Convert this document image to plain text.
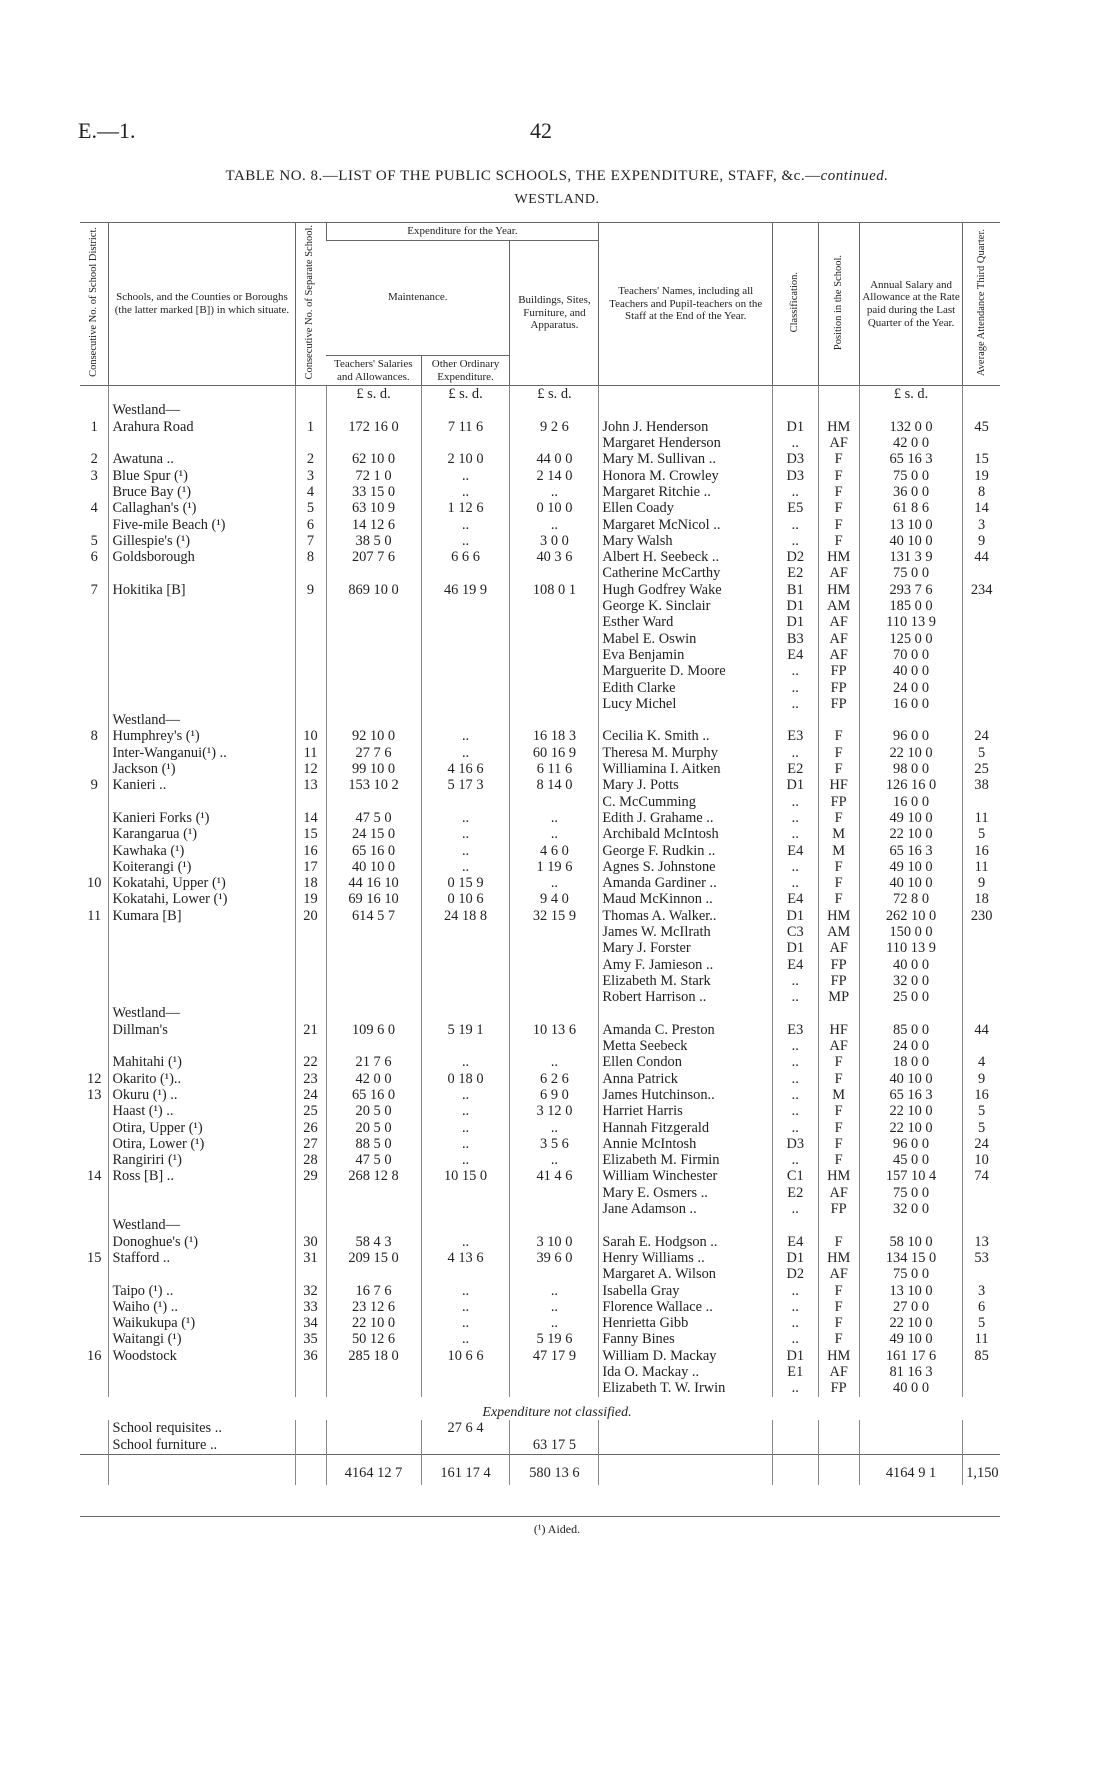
E.—1.	42
TABLE NO. 8.—LIST OF THE PUBLIC SCHOOLS, THE EXPENDITURE, STAFF, &c.—continued.
WESTLAND.
Consecutive No. of School District.	Schools, and the Counties or Boroughs (the latter marked [B]) in which situate.	Consecutive No. of Separate School.	Expenditure for the Year.			Teachers' Names, including all Teachers and Pupil-teachers on the Staff at the End of the Year.	Classification.	Position in the School.	Annual Salary and Allowance at the Rate paid during the Last Quarter of the Year.	Average Attendance Third Quarter.
			Maintenance.		Buildings, Sites, Furniture, and Apparatus.					
			Teachers' Salaries and Allowances.	Other Ordinary Expenditure.						
			£ s. d.	£ s. d.	£ s. d.				£ s. d.	
	Westland—									
1	Arahura Road	1	172 16 0	7 11 6	9 2 6	John J. Henderson	D1	HM	132 0 0	45
						Margaret Henderson	..	AF	42 0 0	
2	Awatuna ..	2	62 10 0	2 10 0	44 0 0	Mary M. Sullivan ..	D3	F	65 16 3	15
3	Blue Spur (¹)	3	72 1 0	..	2 14 0	Honora M. Crowley	D3	F	75 0 0	19
	Bruce Bay (¹)	4	33 15 0	..	..	Margaret Ritchie ..	..	F	36 0 0	8
4	Callaghan's (¹)	5	63 10 9	1 12 6	0 10 0	Ellen Coady	E5	F	61 8 6	14
	Five-mile Beach (¹)	6	14 12 6	..	..	Margaret McNicol ..	..	F	13 10 0	3
5	Gillespie's (¹)	7	38 5 0	..	3 0 0	Mary Walsh	..	F	40 10 0	9
6	Goldsborough	8	207 7 6	6 6 6	40 3 6	Albert H. Seebeck ..	D2	HM	131 3 9	44
						Catherine McCarthy	E2	AF	75 0 0	
7	Hokitika [B]	9	869 10 0	46 19 9	108 0 1	Hugh Godfrey Wake	B1	HM	293 7 6	234
						George K. Sinclair	D1	AM	185 0 0	
						Esther Ward	D1	AF	110 13 9	
						Mabel E. Oswin	B3	AF	125 0 0	
						Eva Benjamin	E4	AF	70 0 0	
						Marguerite D. Moore	..	FP	40 0 0	
						Edith Clarke	..	FP	24 0 0	
						Lucy Michel	..	FP	16 0 0	
	Westland—									
8	Humphrey's (¹)	10	92 10 0	..	16 18 3	Cecilia K. Smith ..	E3	F	96 0 0	24
	Inter-Wanganui(¹) ..	11	27 7 6	..	60 16 9	Theresa M. Murphy	..	F	22 10 0	5
	Jackson (¹)	12	99 10 0	4 16 6	6 11 6	Williamina I. Aitken	E2	F	98 0 0	25
9	Kanieri ..	13	153 10 2	5 17 3	8 14 0	Mary J. Potts	D1	HF	126 16 0	38
						C. McCumming	..	FP	16 0 0	
	Kanieri Forks (¹)	14	47 5 0	..	..	Edith J. Grahame ..	..	F	49 10 0	11
	Karangarua (¹)	15	24 15 0	..	..	Archibald McIntosh	..	M	22 10 0	5
	Kawhaka (¹)	16	65 16 0	..	4 6 0	George F. Rudkin ..	E4	M	65 16 3	16
	Koiterangi (¹)	17	40 10 0	..	1 19 6	Agnes S. Johnstone	..	F	49 10 0	11
10	Kokatahi, Upper (¹)	18	44 16 10	0 15 9	..	Amanda Gardiner ..	..	F	40 10 0	9
	Kokatahi, Lower (¹)	19	69 16 10	0 10 6	9 4 0	Maud McKinnon ..	E4	F	72 8 0	18
11	Kumara [B]	20	614 5 7	24 18 8	32 15 9	Thomas A. Walker..	D1	HM	262 10 0	230
						James W. McIlrath	C3	AM	150 0 0	
						Mary J. Forster	D1	AF	110 13 9	
						Amy F. Jamieson ..	E4	FP	40 0 0	
						Elizabeth M. Stark	..	FP	32 0 0	
						Robert Harrison ..	..	MP	25 0 0	
	Westland—									
	Dillman's	21	109 6 0	5 19 1	10 13 6	Amanda C. Preston	E3	HF	85 0 0	44
						Metta Seebeck	..	AF	24 0 0	
	Mahitahi (¹)	22	21 7 6	..	..	Ellen Condon	..	F	18 0 0	4
12	Okarito (¹)..	23	42 0 0	0 18 0	6 2 6	Anna Patrick	..	F	40 10 0	9
13	Okuru (¹) ..	24	65 16 0	..	6 9 0	James Hutchinson..	..	M	65 16 3	16
	Haast (¹) ..	25	20 5 0	..	3 12 0	Harriet Harris	..	F	22 10 0	5
	Otira, Upper (¹)	26	20 5 0	..	..	Hannah Fitzgerald	..	F	22 10 0	5
	Otira, Lower (¹)	27	88 5 0	..	3 5 6	Annie McIntosh	D3	F	96 0 0	24
	Rangiriri (¹)	28	47 5 0	..	..	Elizabeth M. Firmin	..	F	45 0 0	10
14	Ross [B] ..	29	268 12 8	10 15 0	41 4 6	William Winchester	C1	HM	157 10 4	74
						Mary E. Osmers ..	E2	AF	75 0 0	
						Jane Adamson ..	..	FP	32 0 0	
	Westland—									
	Donoghue's (¹)	30	58 4 3	..	3 10 0	Sarah E. Hodgson ..	E4	F	58 10 0	13
15	Stafford ..	31	209 15 0	4 13 6	39 6 0	Henry Williams ..	D1	HM	134 15 0	53
						Margaret A. Wilson	D2	AF	75 0 0	
	Taipo (¹) ..	32	16 7 6	..	..	Isabella Gray	..	F	13 10 0	3
	Waiho (¹) ..	33	23 12 6	..	..	Florence Wallace ..	..	F	27 0 0	6
	Waikukupa (¹)	34	22 10 0	..	..	Henrietta Gibb	..	F	22 10 0	5
	Waitangi (¹)	35	50 12 6	..	5 19 6	Fanny Bines	..	F	49 10 0	11
16	Woodstock	36	285 18 0	10 6 6	47 17 9	William D. Mackay	D1	HM	161 17 6	85
						Ida O. Mackay ..	E1	AF	81 16 3	
						Elizabeth T. W. Irwin	..	FP	40 0 0	
Expenditure not classified.
	School requisites ..			27 6 4						
	School furniture ..				63 17 5					
			4164 12 7	161 17 4	580 13 6				4164 9 1	1,150
(¹) Aided.
